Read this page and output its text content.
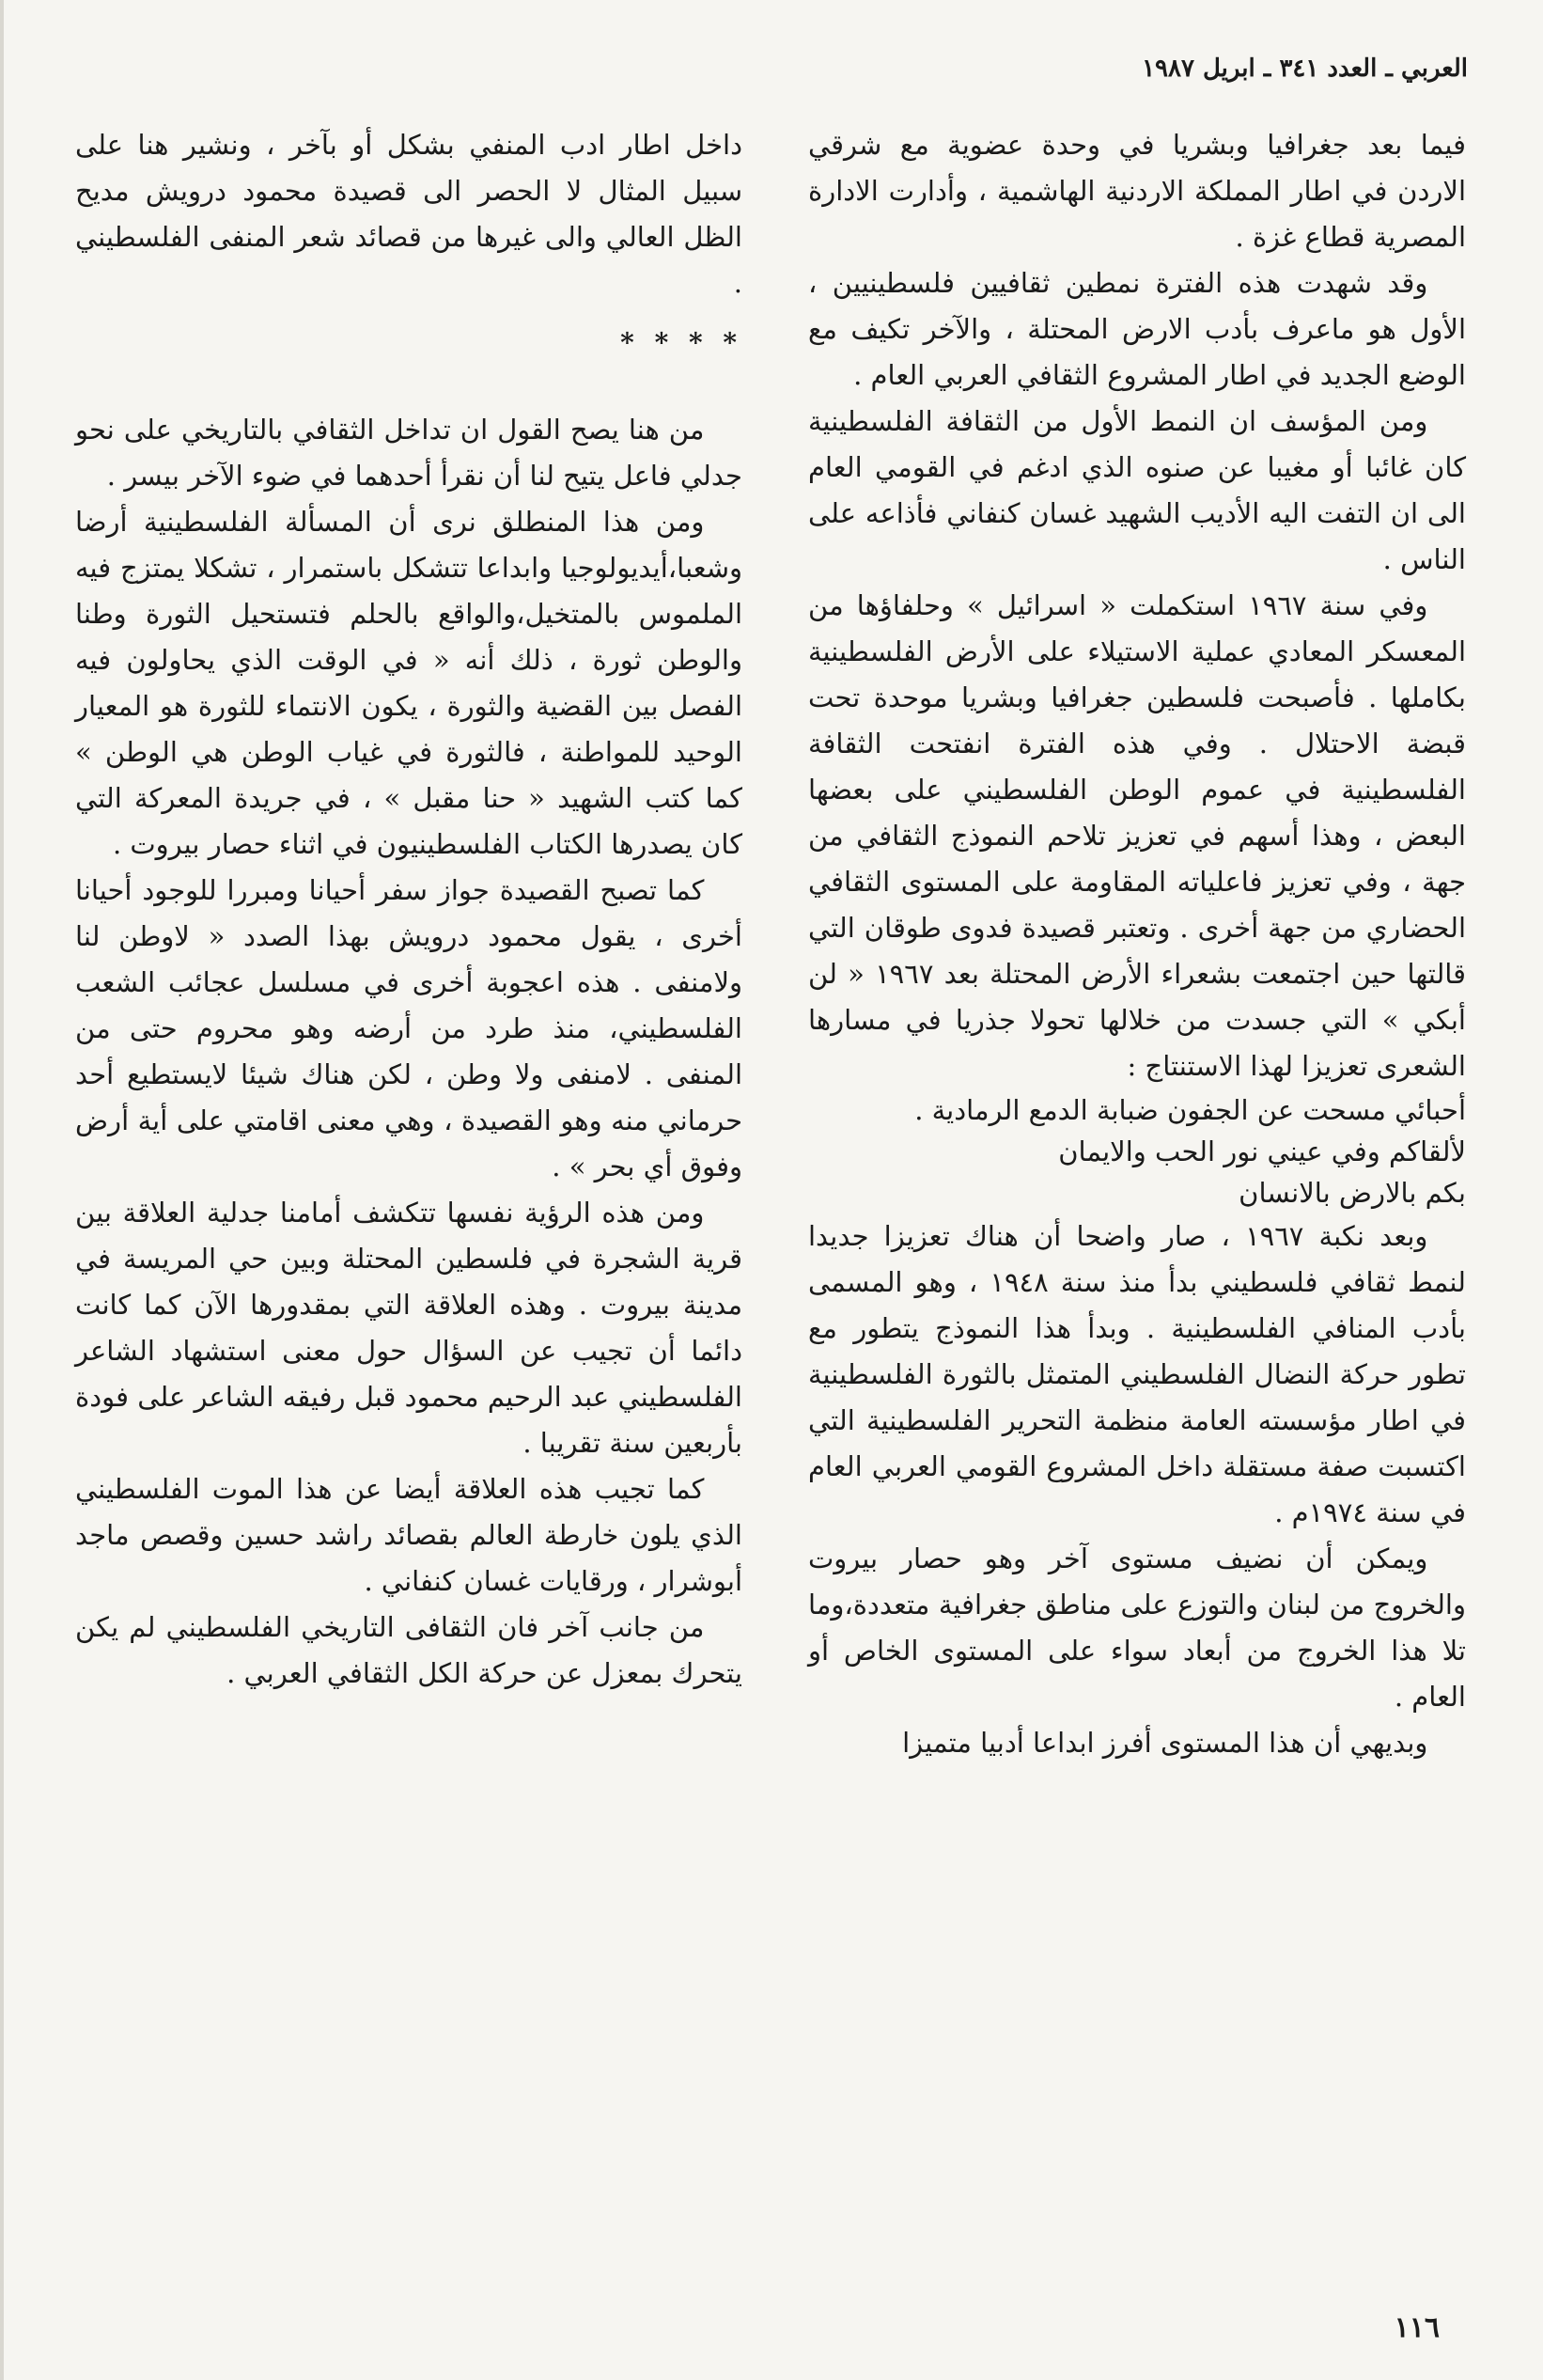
العربي ـ العدد ٣٤١ ـ ابريل ١٩٨٧

فيما بعد جغرافيا وبشريا في وحدة عضوية مع شرقي الاردن في اطار المملكة الاردنية الهاشمية ، وأدارت الادارة المصرية قطاع غزة .

وقد شهدت هذه الفترة نمطين ثقافيين فلسطينيين ، الأول هو ماعرف بأدب الارض المحتلة ، والآخر تكيف مع الوضع الجديد في اطار المشروع الثقافي العربي العام .

ومن المؤسف ان النمط الأول من الثقافة الفلسطينية كان غائبا أو مغيبا عن صنوه الذي ادغم في القومي العام الى ان التفت اليه الأديب الشهيد غسان كنفاني فأذاعه على الناس .

وفي سنة ١٩٦٧ استكملت « اسرائيل » وحلفاؤها من المعسكر المعادي عملية الاستيلاء على الأرض الفلسطينية بكاملها . فأصبحت فلسطين جغرافيا وبشريا موحدة تحت قبضة الاحتلال . وفي هذه الفترة انفتحت الثقافة الفلسطينية في عموم الوطن الفلسطيني على بعضها البعض ، وهذا أسهم في تعزيز تلاحم النموذج الثقافي من جهة ، وفي تعزيز فاعلياته المقاومة على المستوى الثقافي الحضاري من جهة أخرى . وتعتبر قصيدة فدوى طوقان التي قالتها حين اجتمعت بشعراء الأرض المحتلة بعد ١٩٦٧ « لن أبكي » التي جسدت من خلالها تحولا جذريا في مسارها الشعرى تعزيزا لهذا الاستنتاج :

أحبائي مسحت عن الجفون ضبابة الدمع الرمادية .

لألقاكم وفي عيني نور الحب والايمان

بكم بالارض بالانسان

وبعد نكبة ١٩٦٧ ، صار واضحا أن هناك تعزيزا جديدا لنمط ثقافي فلسطيني بدأ منذ سنة ١٩٤٨ ، وهو المسمى بأدب المنافي الفلسطينية . وبدأ هذا النموذج يتطور مع تطور حركة النضال الفلسطيني المتمثل بالثورة الفلسطينية في اطار مؤسسته العامة منظمة التحرير الفلسطينية التي اكتسبت صفة مستقلة داخل المشروع القومي العربي العام في سنة ١٩٧٤م .

ويمكن أن نضيف مستوى آخر وهو حصار بيروت والخروج من لبنان والتوزع على مناطق جغرافية متعددة،وما تلا هذا الخروج من أبعاد سواء على المستوى الخاص أو العام .

وبديهي أن هذا المستوى أفرز ابداعا أدبيا متميزا

داخل اطار ادب المنفي بشكل أو بآخر ، ونشير هنا على سبيل المثال لا الحصر الى قصيدة محمود درويش مديح الظل العالي والى غيرها من قصائد شعر المنفى الفلسطيني .

* * * *

من هنا يصح القول ان تداخل الثقافي بالتاريخي على نحو جدلي فاعل يتيح لنا أن نقرأ أحدهما في ضوء الآخر بيسر .

ومن هذا المنطلق نرى أن المسألة الفلسطينية أرضا وشعبا،أيديولوجيا وابداعا تتشكل باستمرار ، تشكلا يمتزج فيه الملموس بالمتخيل،والواقع بالحلم فتستحيل الثورة وطنا والوطن ثورة ، ذلك أنه « في الوقت الذي يحاولون فيه الفصل بين القضية والثورة ، يكون الانتماء للثورة هو المعيار الوحيد للمواطنة ، فالثورة في غياب الوطن هي الوطن » كما كتب الشهيد « حنا مقبل » ، في جريدة المعركة التي كان يصدرها الكتاب الفلسطينيون في اثناء حصار بيروت .

كما تصبح القصيدة جواز سفر أحيانا ومبررا للوجود أحيانا أخرى ، يقول محمود درويش بهذا الصدد « لاوطن لنا ولامنفى . هذه اعجوبة أخرى في مسلسل عجائب الشعب الفلسطيني، منذ طرد من أرضه وهو محروم حتى من المنفى . لامنفى ولا وطن ، لكن هناك شيئا لايستطيع أحد حرماني منه وهو القصيدة ، وهي معنى اقامتي على أية أرض وفوق أي بحر » .

ومن هذه الرؤية نفسها تتكشف أمامنا جدلية العلاقة بين قرية الشجرة في فلسطين المحتلة وبين حي المريسة في مدينة بيروت . وهذه العلاقة التي بمقدورها الآن كما كانت دائما أن تجيب عن السؤال حول معنى استشهاد الشاعر الفلسطيني عبد الرحيم محمود قبل رفيقه الشاعر على فودة بأربعين سنة تقريبا .

كما تجيب هذه العلاقة أيضا عن هذا الموت الفلسطيني الذي يلون خارطة العالم بقصائد راشد حسين وقصص ماجد أبوشرار ، ورقايات غسان كنفاني .

من جانب آخر فان الثقافى التاريخي الفلسطيني لم يكن يتحرك بمعزل عن حركة الكل الثقافي العربي .

١١٦
